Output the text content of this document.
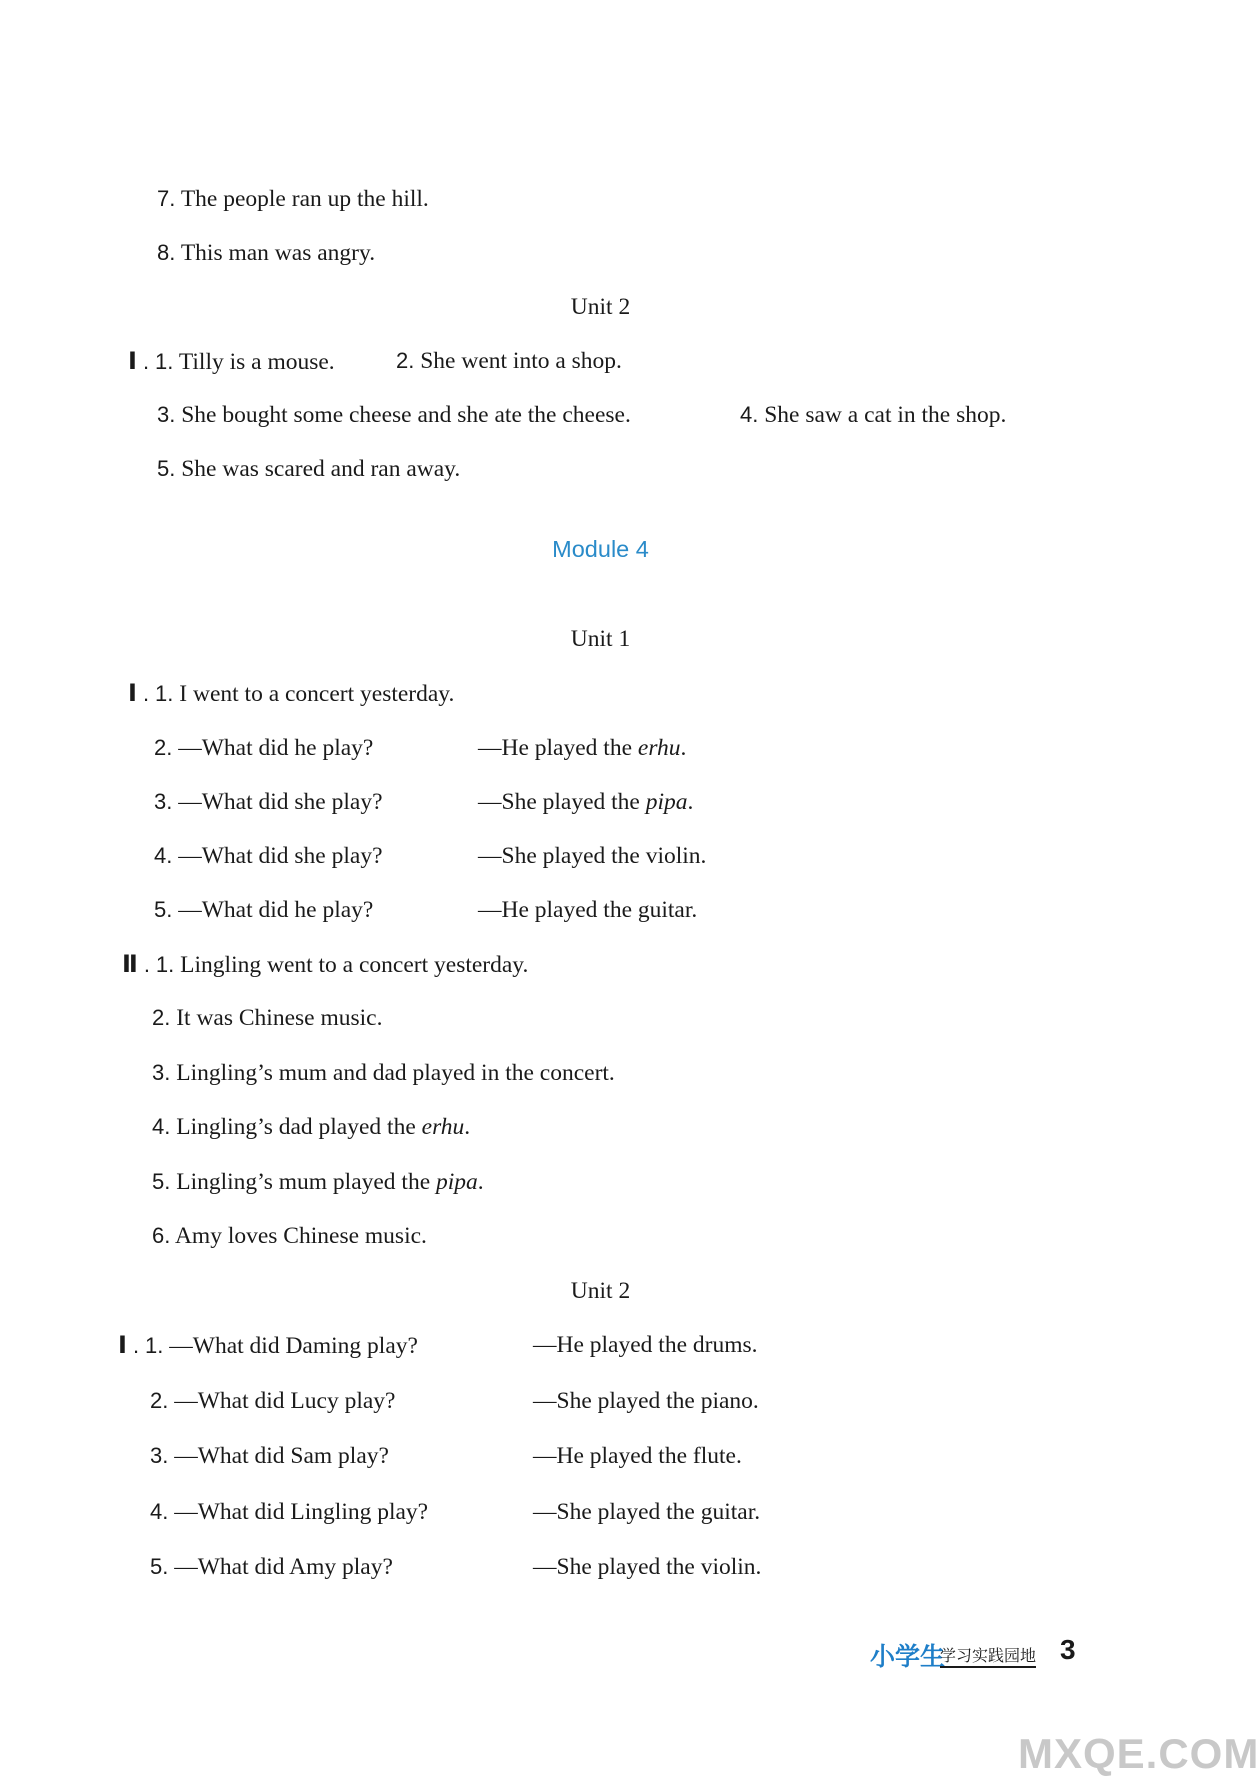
7. The people ran up the hill.
8. This man was angry.
Unit 2
Ⅰ . 1. Tilly is a mouse.	2. She went into a shop.
3. She bought some cheese and she ate the cheese.	4. She saw a cat in the shop.
5. She was scared and ran away.
Module 4
Unit 1
Ⅰ . 1. I went to a concert yesterday.
2. —What did he play?	—He played the erhu.
3. —What did she play?	—She played the pipa.
4. —What did she play?	—She played the violin.
5. —What did he play?	—He played the guitar.
Ⅱ . 1. Lingling went to a concert yesterday.
2. It was Chinese music.
3. Lingling’s mum and dad played in the concert.
4. Lingling’s dad played the erhu.
5. Lingling’s mum played the pipa.
6. Amy loves Chinese music.
Unit 2
Ⅰ . 1. —What did Daming play?	—He played the drums.
2. —What did Lucy play?	—She played the piano.
3. —What did Sam play?	—He played the flute.
4. —What did Lingling play?	—She played the guitar.
5. —What did Amy play?	—She played the violin.
小学生
学习实践园地 3
MXQE.COM
